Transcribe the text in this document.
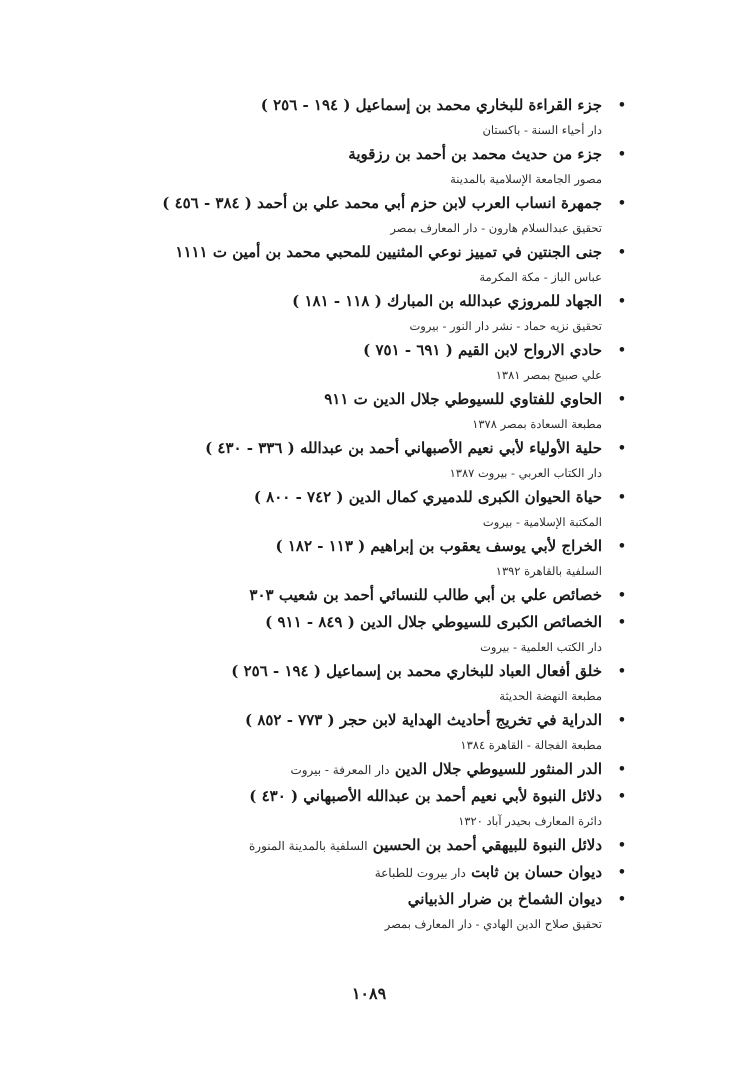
•
جزء القراءة للبخاري محمد بن إسماعيل ( ١٩٤ - ٢٥٦ )
دار أحياء السنة - باكستان
•
جزء من حديث محمد بن أحمد بن رزقوية
مصور الجامعة الإسلامية بالمدينة
•
جمهرة انساب العرب لابن حزم أبي محمد علي بن أحمد ( ٣٨٤ - ٤٥٦ )
تحقيق عبدالسلام هارون - دار المعارف بمصر
•
جنى الجنتين في تمييز نوعي المثنيين للمحبي محمد بن أمين ت ١١١١
عباس الباز - مكة المكرمة
•
الجهاد للمروزي عبدالله بن المبارك ( ١١٨ - ١٨١ )
تحقيق نزيه حماد - نشر دار النور - بيروت
•
حادي الارواح لابن القيم ( ٦٩١ - ٧٥١ )
علي صبيح بمصر ١٣٨١
•
الحاوي للفتاوي للسيوطي جلال الدين ت ٩١١
مطبعة السعادة بمصر ١٣٧٨
•
حلية الأولياء لأبي نعيم الأصبهاني أحمد بن عبدالله ( ٣٣٦ - ٤٣٠ )
دار الكتاب العربي - بيروت ١٣٨٧
•
حياة الحيوان الكبرى للدميري كمال الدين ( ٧٤٢ - ٨٠٠ )
المكتبة الإسلامية - بيروت
•
الخراج لأبي يوسف يعقوب بن إبراهيم ( ١١٣ - ١٨٢ )
السلفية بالقاهرة ١٣٩٢
•
خصائص علي بن أبي طالب للنسائي أحمد بن شعيب ٣٠٣
•
الخصائص الكبرى للسيوطي جلال الدين ( ٨٤٩ - ٩١١ )
دار الكتب العلمية - بيروت
•
خلق أفعال العباد للبخاري محمد بن إسماعيل ( ١٩٤ - ٢٥٦ )
مطبعة النهضة الحديثة
•
الدراية في تخريج أحاديث الهداية لابن حجر ( ٧٧٣ - ٨٥٢ )
مطبعة الفجالة - القاهرة ١٣٨٤
•
الدر المنثور للسيوطي جلال الدين دار المعرفة - بيروت
•
دلائل النبوة لأبي نعيم أحمد بن عبدالله الأصبهاني ( ٤٣٠ )
دائرة المعارف بحيدر آباد ١٣٢٠
•
دلائل النبوة للبيهقي أحمد بن الحسين السلفية بالمدينة المنورة
•
ديوان حسان بن ثابت دار بيروت للطباعة
•
ديوان الشماخ بن ضرار الذبياني
تحقيق صلاح الدين الهادي - دار المعارف بمصر
١٠٨٩
